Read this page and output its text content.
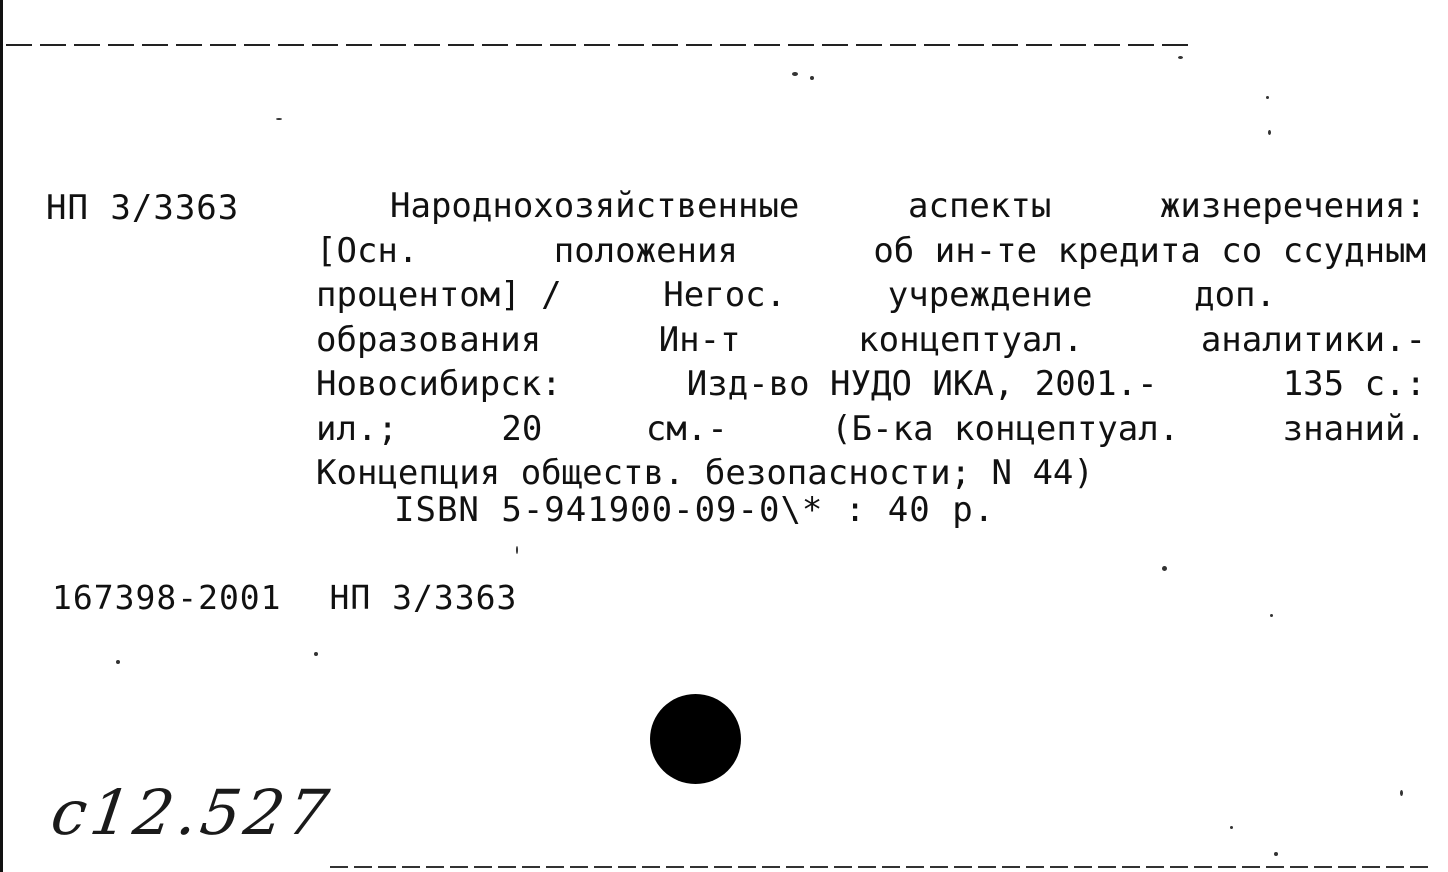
НП 3/3363	Народнохозяйственные	аспекты	жизнеречения:
[Осн.	положения	об ин-те кредита со ссудным
процентом] /	Негос.	учреждение	доп.
образования	Ин-т	концептуал.	аналитики.-
Новосибирск:	Изд-во НУДО ИКА, 2001.-	135 с.:
ил.;	20	см.-	(Б-ка концептуал.	знаний.
Концепция обществ. безопасности; N 44)
ISBN 5-941900-09-0\* : 40 р.
167398-2001 НП 3/3363
c12.527
